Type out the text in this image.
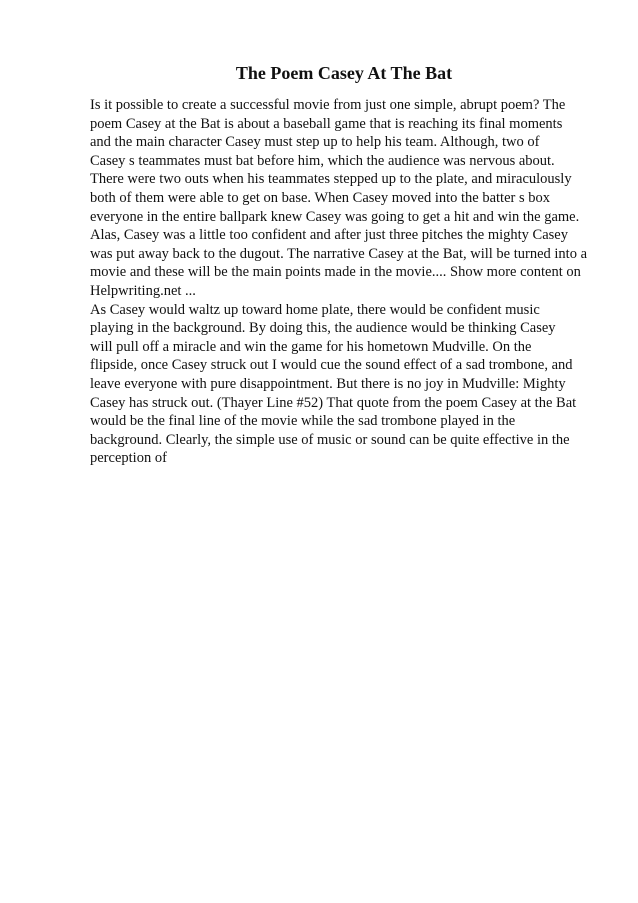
The Poem Casey At The Bat
Is it possible to create a successful movie from just one simple, abrupt poem? The
poem Casey at the Bat is about a baseball game that is reaching its final moments
and the main character Casey must step up to help his team. Although, two of
Casey s teammates must bat before him, which the audience was nervous about.
There were two outs when his teammates stepped up to the plate, and miraculously
both of them were able to get on base. When Casey moved into the batter s box
everyone in the entire ballpark knew Casey was going to get a hit and win the game.
Alas, Casey was a little too confident and after just three pitches the mighty Casey
was put away back to the dugout. The narrative Casey at the Bat, will be turned into a
movie and these will be the main points made in the movie.... Show more content on
Helpwriting.net ...
As Casey would waltz up toward home plate, there would be confident music
playing in the background. By doing this, the audience would be thinking Casey
will pull off a miracle and win the game for his hometown Mudville. On the
flipside, once Casey struck out I would cue the sound effect of a sad trombone, and
leave everyone with pure disappointment. But there is no joy in Mudville: Mighty
Casey has struck out. (Thayer Line #52) That quote from the poem Casey at the Bat
would be the final line of the movie while the sad trombone played in the
background. Clearly, the simple use of music or sound can be quite effective in the
perception of
